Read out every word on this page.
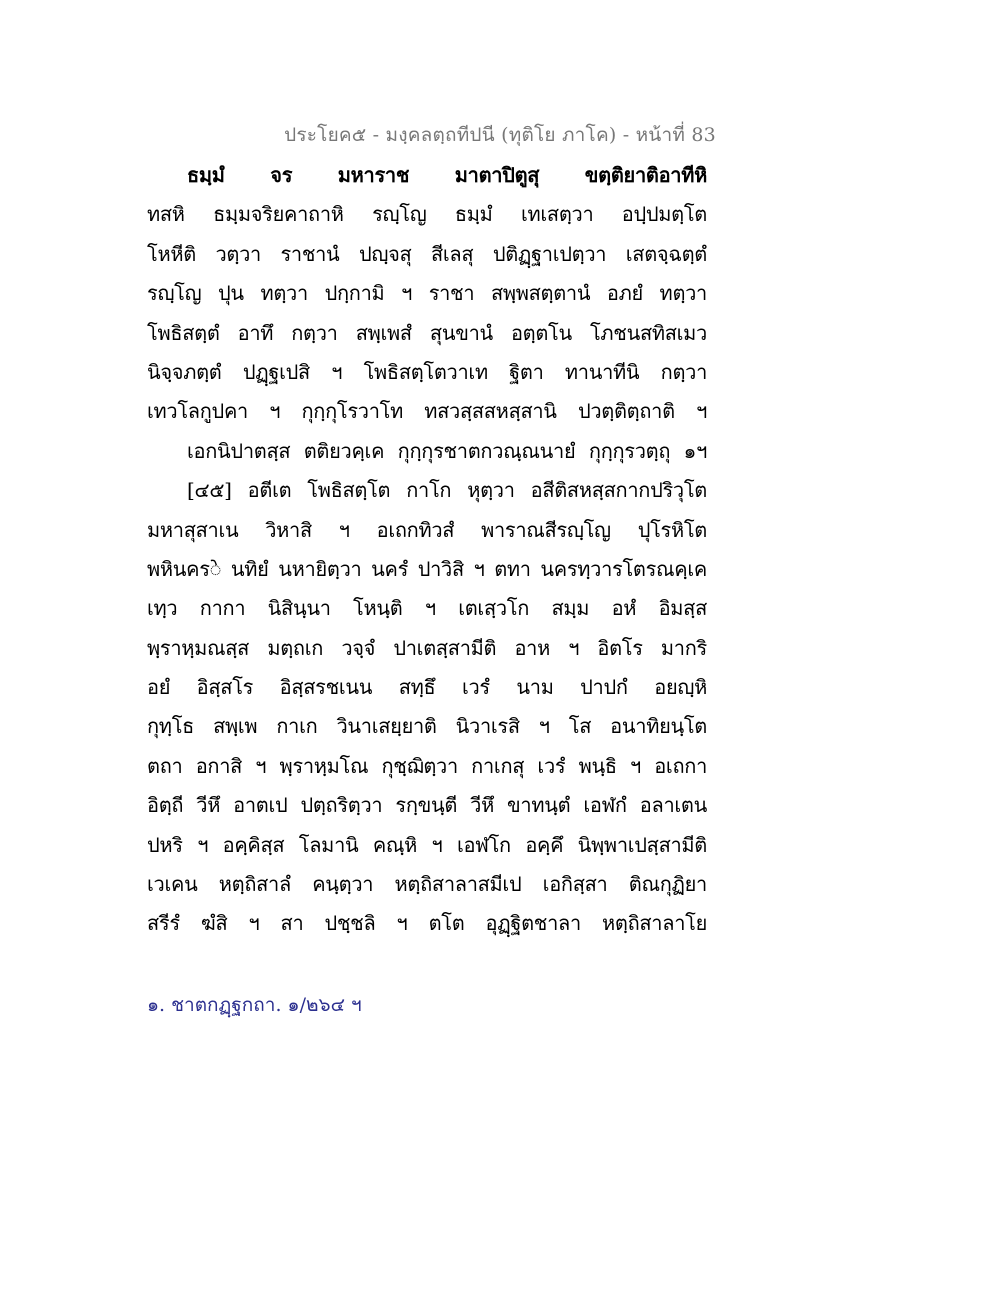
ประโยค๕ - มงฺคลตฺถทีปนี (ทุติโย ภาโค) - หน้าที่ 83
ธมฺมํ จร มหาราช มาตาปิตูสุ ขตฺติยาติอาทีหิ
ทสหิ ธมฺมจริยคาถาหิ รญฺโญ ธมฺมํ เทเสตฺวา อปฺปมตฺโต
โหหีติ วตฺวา ราชานํ ปญฺจสุ สีเลสุ ปติฏฺฐาเปตฺวา เสตจฺฉตฺตํ
รญฺโญ ปุน ทตฺวา ปกฺกามิ ฯ ราชา สพฺพสตฺตานํ อภยํ ทตฺวา
โพธิสตฺตํ อาทึ กตฺวา สพฺเพสํ สุนขานํ อตฺตโน โภชนสทิสเมว
นิจฺจภตฺตํ ปฏฺฐเปสิ ฯ โพธิสตฺโตวาเท ฐิตา ทานาทีนิ กตฺวา
เทวโลกูปคา ฯ กุกฺกุโรวาโท ทสวสฺสสหสฺสานิ ปวตฺติตฺถาติ ฯ
เอกนิปาตสฺส ตติยวคฺเค กุกฺกุรชาตกวณฺณนายํ กุกฺกุรวตฺถุ ๑ฯ
[๔๕] อตีเต โพธิสตฺโต กาโก หุตฺวา อสีติสหสฺสกากปริวุโต
มหาสุสาเน วิหาสิ ฯ อเถกทิวสํ พาราณสีรญฺโญ ปุโรหิโต
พหินครे นทิยํ นหายิตฺวา นครํ ปาวิสิ ฯ ตทา นครทฺวารโตรณคฺเค
เทฺว กากา นิสินฺนา โหนฺติ ฯ เตเสฺวโก สมฺม อหํ อิมสฺส
พฺราหฺมณสฺส มตฺถเก วจฺจํ ปาเตสฺสามีติ อาห ฯ อิตโร มากริ
อยํ อิสฺสโร อิสฺสรชเนน สทฺธึ เวรํ นาม ปาปกํ อยญฺหิ
กุทฺโธ สพฺเพ กาเก วินาเสยฺยาติ นิวาเรสิ ฯ โส อนาทิยนฺโต
ตถา อกาสิ ฯ พฺราหฺมโณ กุชฺฌิตฺวา กาเกสุ เวรํ พนฺธิ ฯ อเถกา
อิตฺถี วีหึ อาตเป ปตฺถริตฺวา รกฺขนฺตี วีหึ ขาทนฺตํ เอฬกํ อลาเตน
ปหริ ฯ อคฺคิสฺส โลมานิ คณฺหิ ฯ เอฬโก อคฺคึ นิพฺพาเปสฺสามีติ
เวเคน หตฺถิสาลํ คนฺตฺวา หตฺถิสาลาสมีเป เอกิสฺสา ติณกุฏิยา
สรีรํ ฆํสิ ฯ สา ปชฺชลิ ฯ ตโต อุฏฺฐิตชาลา หตฺถิสาลาโย
๑. ชาตกฏฺฐกถา. ๑/๒๖๔ ฯ
